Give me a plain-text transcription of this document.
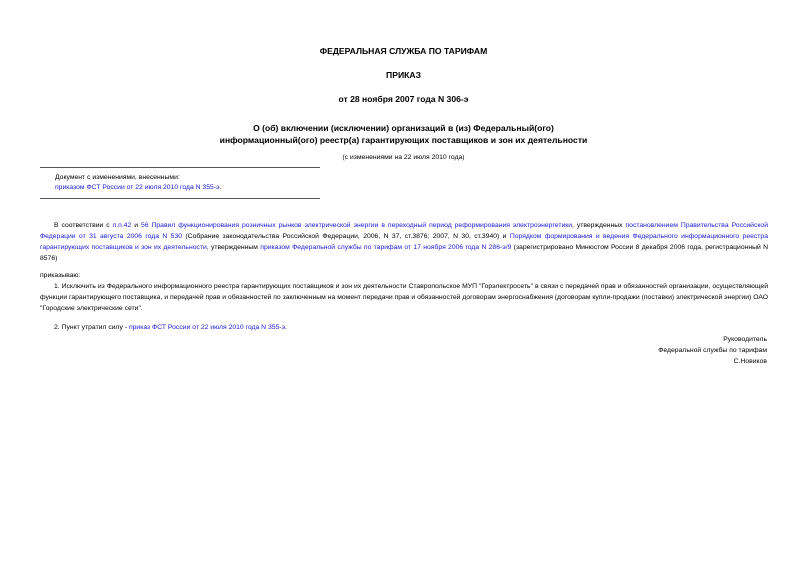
ФЕДЕРАЛЬНАЯ СЛУЖБА ПО ТАРИФАМ
ПРИКАЗ
от 28 ноября 2007 года N 306-э
О (об) включении (исключении) организаций в (из) Федеральный(ого)
информационный(ого) реестр(а) гарантирующих поставщиков и зон их деятельности
(с изменениями на 22 июля 2010 года)
Документ с изменениями, внесенными:
приказом ФСТ России от 22 июля 2010 года N 355-э.
В соответствии с п.п.42 и 56 Правил функционирования розничных рынков электрической энергии в переходный период реформирования электроэнергетики, утвержденных постановлением Правительства Российской Федерации от 31 августа 2006 года N 530 (Собрание законодательства Российской Федерации, 2006, N 37, ст.3876; 2007, N 30, ст.3940) и Порядком формирования и ведения Федерального информационного реестра гарантирующих поставщиков и зон их деятельности, утвержденным приказом Федеральной службы по тарифам от 17 ноября 2006 года N 286-э/9 (зарегистрировано Минюстом России 8 декабря 2006 года, регистрационный N 8576)
приказываю:
1. Исключить из Федерального информационного реестра гарантирующих поставщиков и зон их деятельности Ставропольское МУП "Горэлектросеть" в связи с передачей прав и обязанностей организации, осуществляющей функции гарантирующего поставщика, и передачей прав и обязанностей по заключенным на момент передачи прав и обязанностей договорам энергоснабжения (договорам купли-продажи (поставки) электрической энергии) ОАО "Городские электрические сети".
2. Пункт утратил силу - приказ ФСТ России от 22 июля 2010 года N 355-э.
Руководитель
Федеральной службы по тарифам
С.Новиков
